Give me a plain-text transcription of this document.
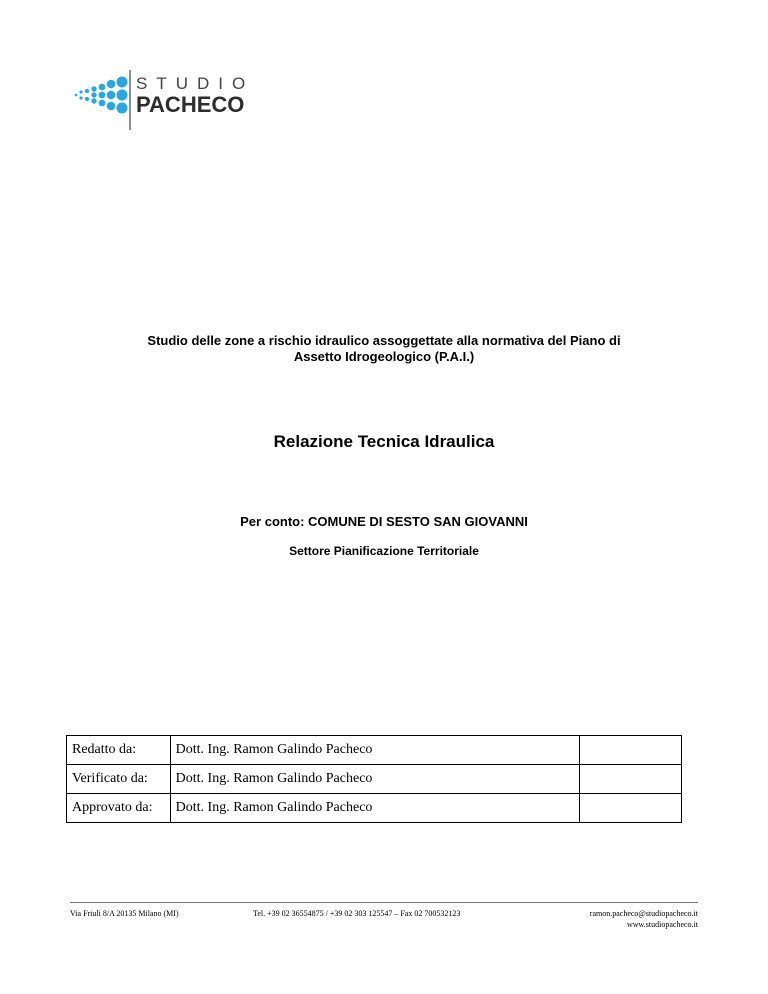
STUDIO
PACHECO
Studio delle zone a rischio idraulico assoggettate alla normativa del Piano di
Assetto Idrogeologico (P.A.I.)
Relazione Tecnica Idraulica
Per conto: COMUNE DI SESTO SAN GIOVANNI
Settore Pianificazione Territoriale
Redatto da:	Dott. Ing. Ramon Galindo Pacheco	
Verificato da:	Dott. Ing. Ramon Galindo Pacheco	
Approvato da:	Dott. Ing. Ramon Galindo Pacheco	
Via Friuli 8/A 20135 Milano (MI)	Tel. +39 02 36554875 / +39 02 303 125547 – Fax 02 700532123	ramon.pacheco@studiopacheco.it
www.studiopacheco.it
